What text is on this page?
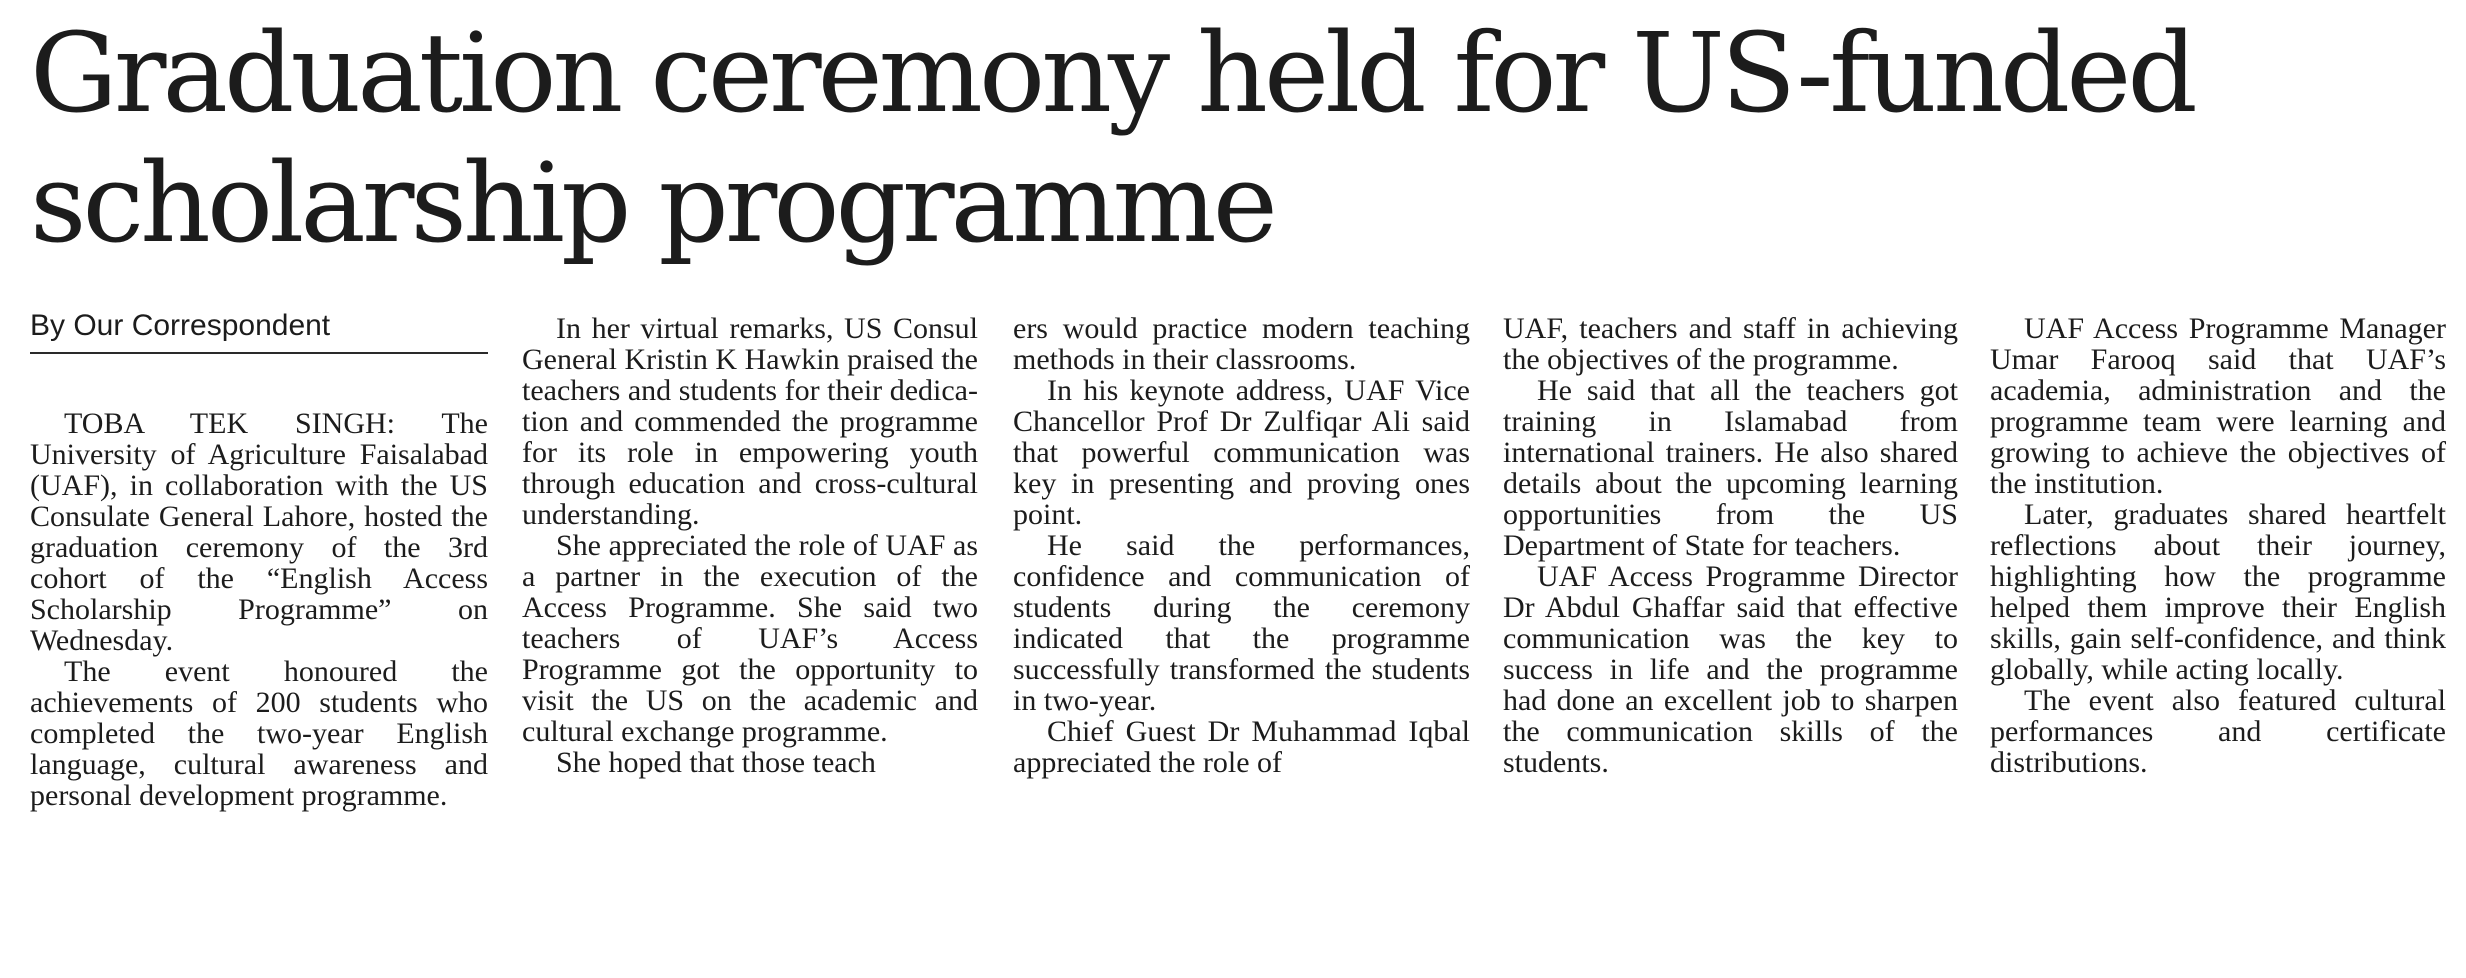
Graduation ceremony held for US-funded scholarship programme
By Our Correspondent

TOBA TEK SINGH: The University of Agriculture Faisalabad (UAF), in collaboration with the US Consulate General Lahore, hosted the graduation ceremony of the 3rd cohort of the “English Access Scholarship Programme” on Wednesday.

The event honoured the achievements of 200 students who completed the two-year English language, cultural awareness and personal development programme.

In her virtual remarks, US Consul General Kristin K Hawkin praised the teachers and students for their dedication and commended the programme for its role in empowering youth through education and cross-cultural understanding.

She appreciated the role of UAF as a partner in the execution of the Access Programme. She said two teachers of UAF’s Access Programme got the opportunity to visit the US on the academic and cultural exchange programme.

She hoped that those teach

ers would practice modern teaching methods in their classrooms.

In his keynote address, UAF Vice Chancellor Prof Dr Zulfiqar Ali said that powerful communication was key in presenting and proving ones point.

He said the performances, confidence and communication of students during the ceremony indicated that the programme successfully transformed the students in two-year.

Chief Guest Dr Muhammad Iqbal appreciated the role of

UAF, teachers and staff in achieving the objectives of the programme.

He said that all the teachers got training in Islamabad from international trainers. He also shared details about the upcoming learning opportunities from the US Department of State for teachers.

UAF Access Programme Director Dr Abdul Ghaffar said that effective communication was the key to success in life and the programme had done an excellent job to sharpen the communication skills of the students.

UAF Access Programme Manager Umar Farooq said that UAF’s academia, administration and the programme team were learning and growing to achieve the objectives of the institution.

Later, graduates shared heartfelt reflections about their journey, highlighting how the programme helped them improve their English skills, gain self-confidence, and think globally, while acting locally.

The event also featured cultural performances and certificate distributions.
